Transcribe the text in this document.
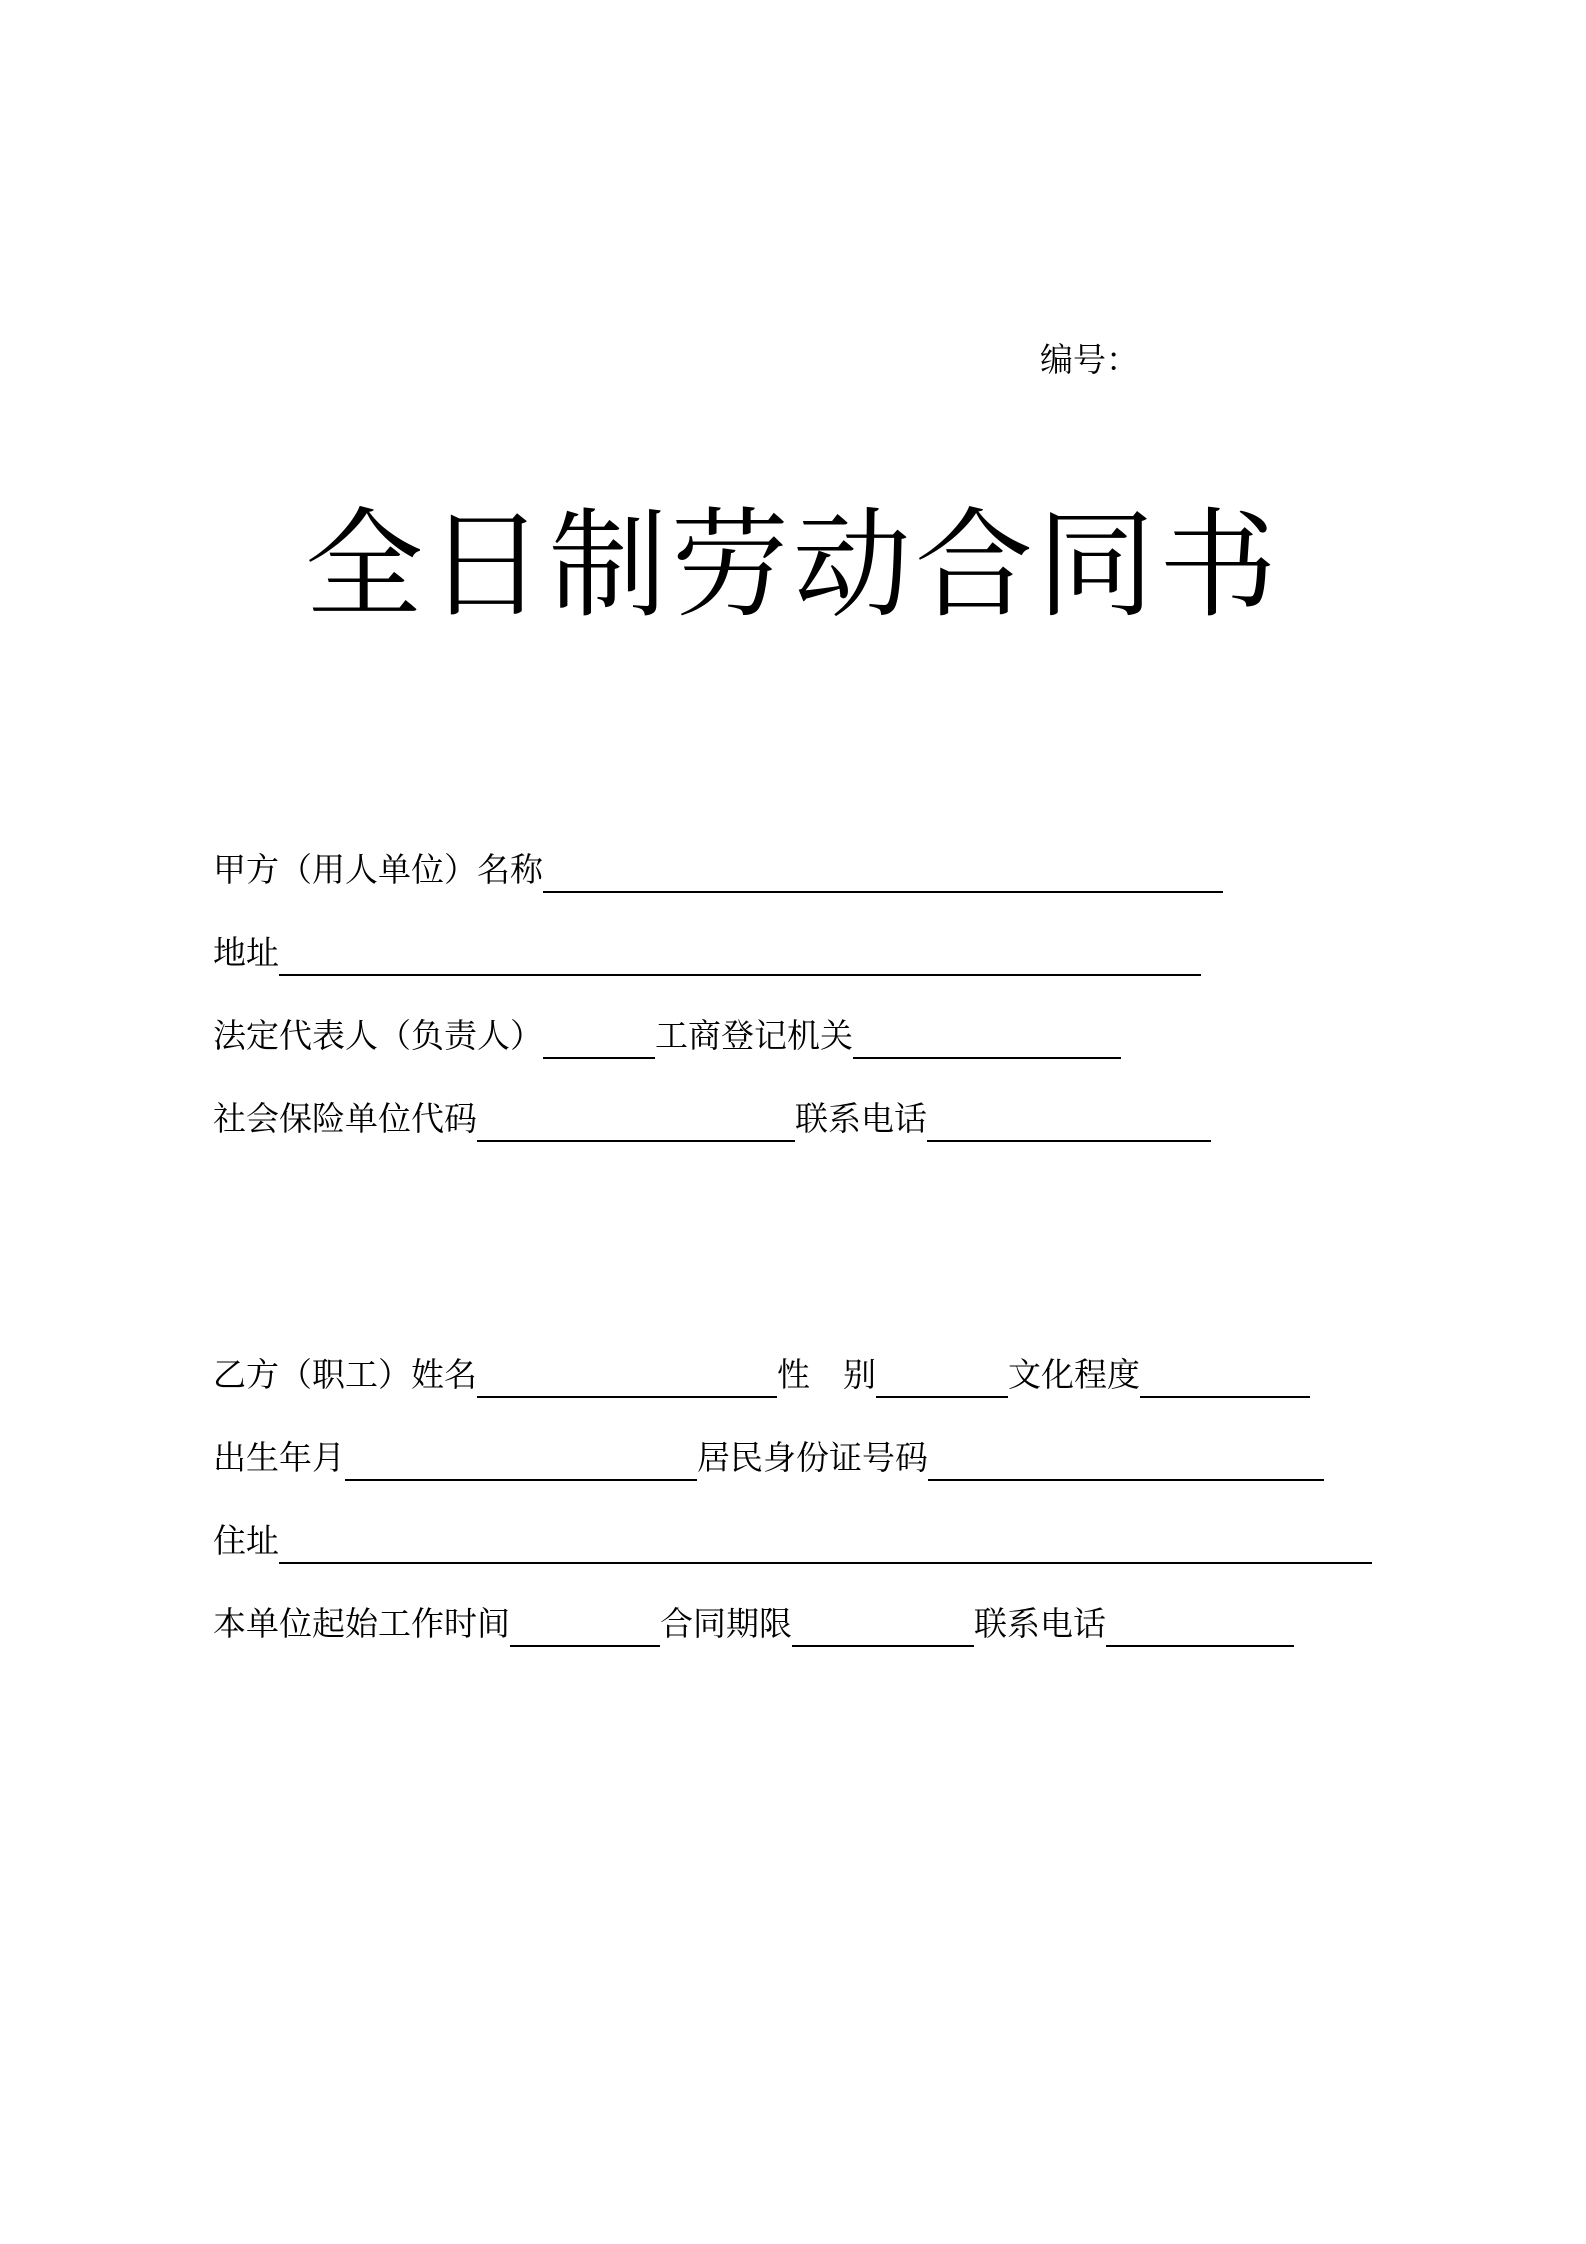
编号：
全日制劳动合同书
甲方（用人单位）名称
地址
法定代表人（负责人）	工商登记机关
社会保险单位代码	联系电话
乙方（职工）姓名	性　别	文化程度
出生年月	居民身份证号码
住址
本单位起始工作时间	合同期限	联系电话
